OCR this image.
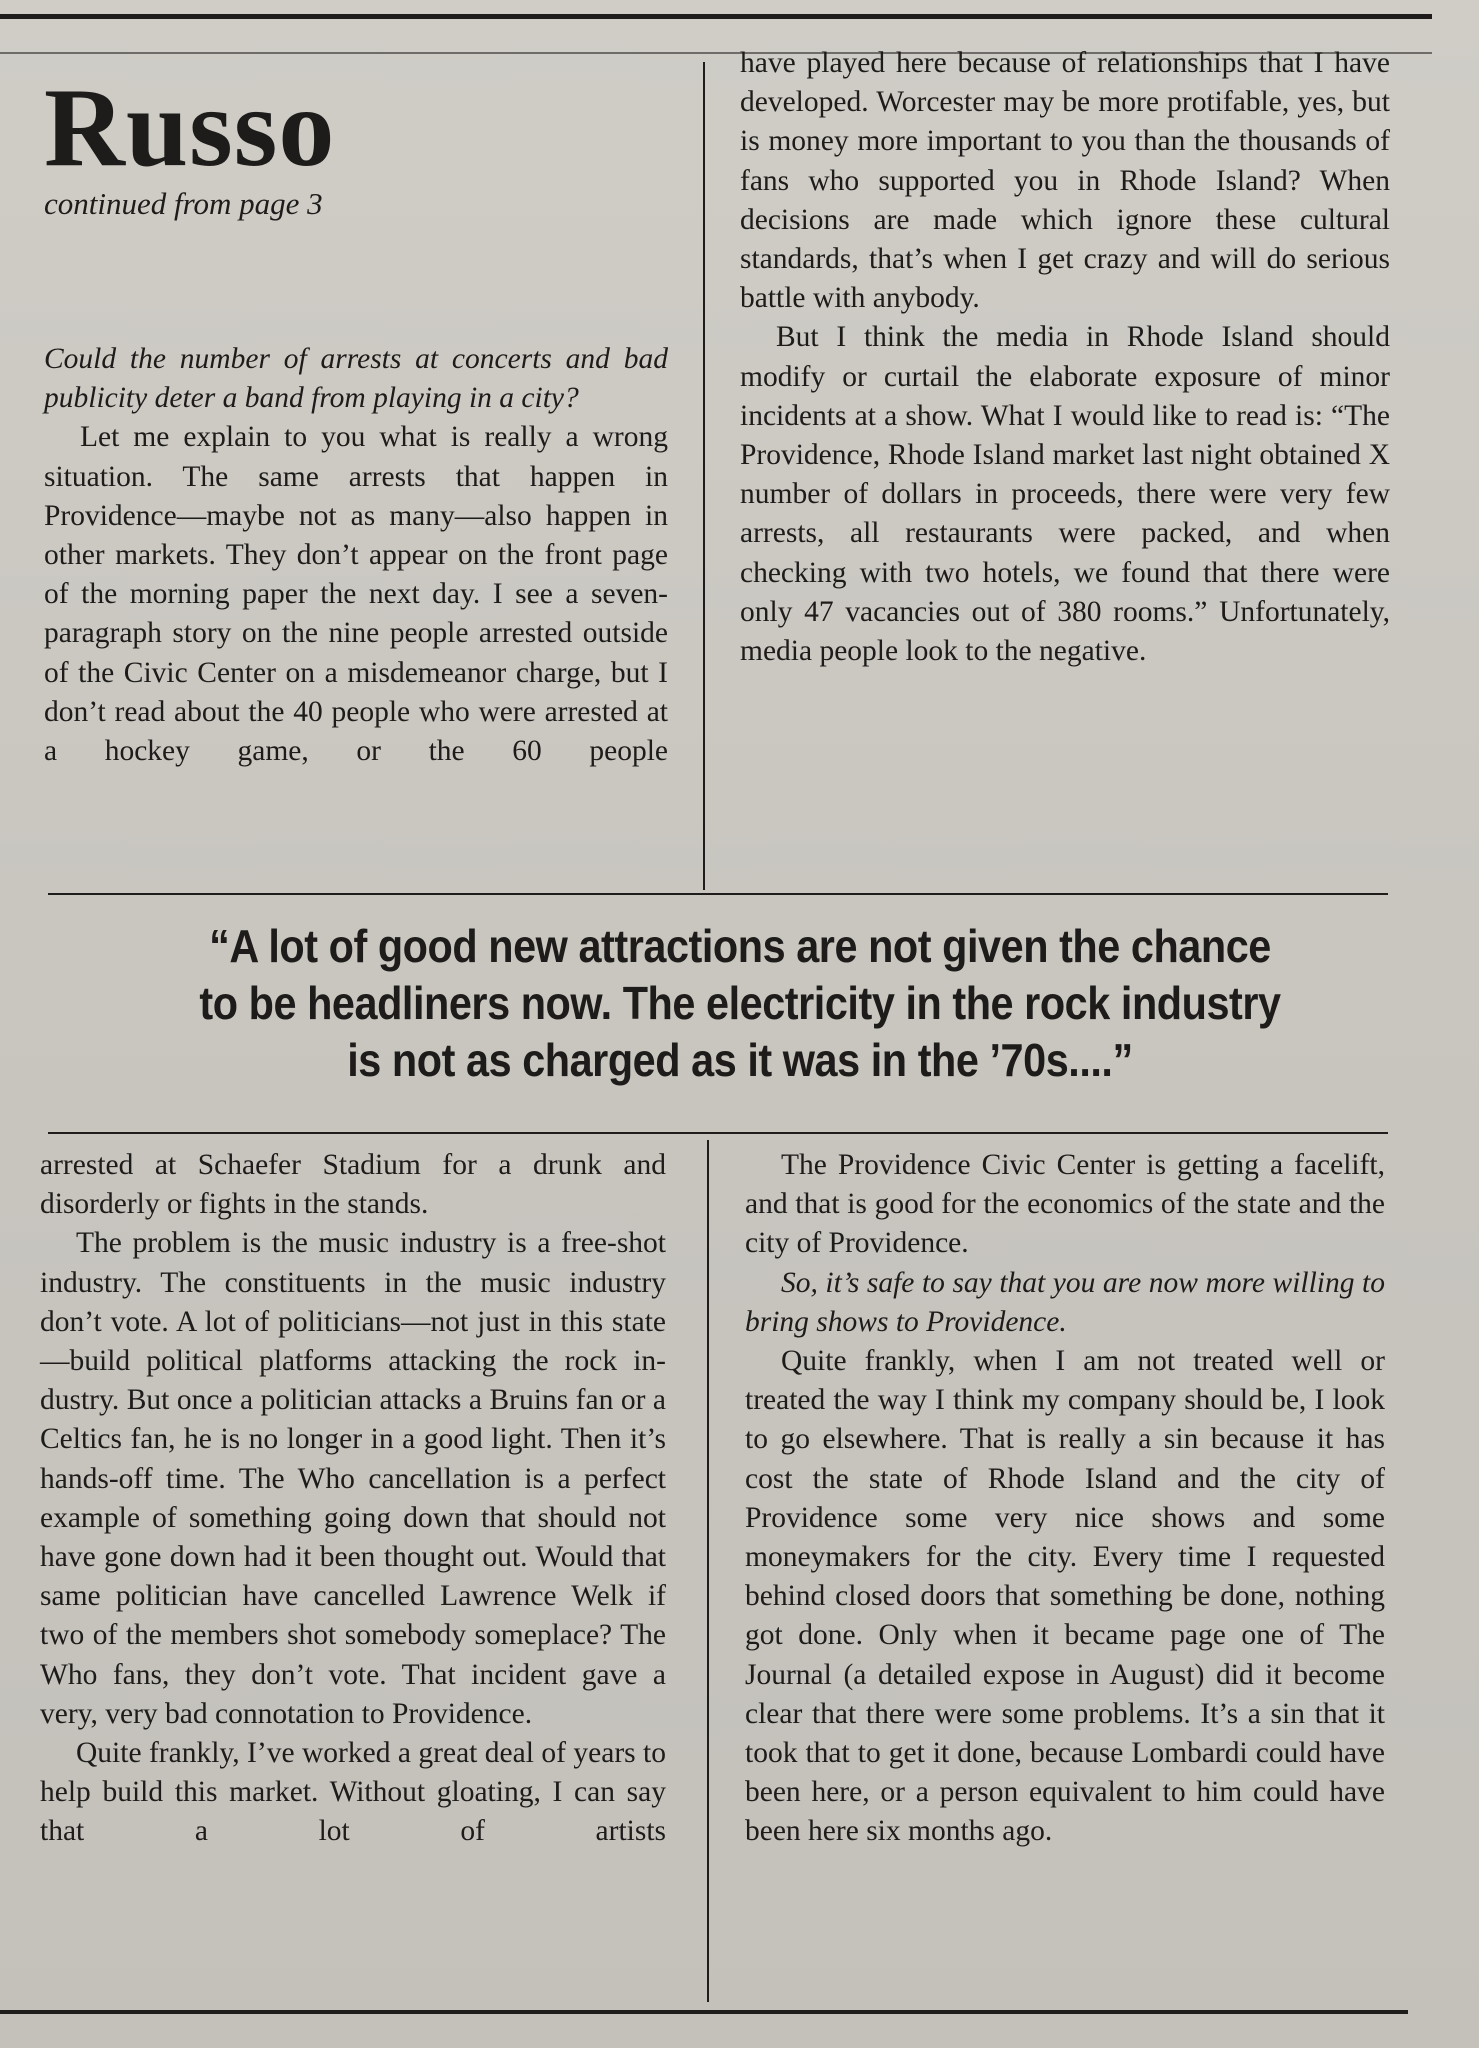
Russo
continued from page 3

Could the number of arrests at concerts and bad publicity deter a band from playing in a city?

Let me explain to you what is really a wrong situation. The same arrests that happen in Providence—maybe not as many—also happen in other markets. They don’t appear on the front page of the morning paper the next day. I see a seven-paragraph story on the nine people arrested outside of the Civic Center on a misdemeanor charge, but I don’t read about the 40 people who were arrested at a hockey game, or the 60 people

have played here because of relationships that I have developed. Worcester may be more protifable, yes, but is money more important to you than the thousands of fans who supported you in Rhode Island? When decisions are made which ignore these cultural standards, that’s when I get crazy and will do serious battle with anybody.

But I think the media in Rhode Island should modify or curtail the elaborate exposure of minor incidents at a show. What I would like to read is: “The Providence, Rhode Island market last night obtained X number of dollars in proceeds, there were very few arrests, all restaurants were packed, and when checking with two hotels, we found that there were only 47 vacancies out of 380 rooms.” Unfortunately, media people look to the negative.

“A lot of good new attractions are not given the chance
to be headliners now. The electricity in the rock industry
is not as charged as it was in the ’70s....”

arrested at Schaefer Stadium for a drunk and disorderly or fights in the stands.

The problem is the music industry is a free-shot industry. The constituents in the music industry don’t vote. A lot of politicians—not just in this state—build political platforms attacking the rock industry. But once a politician attacks a Bruins fan or a Celtics fan, he is no longer in a good light. Then it’s hands-off time. The Who cancellation is a perfect example of something going down that should not have gone down had it been thought out. Would that same politician have cancelled Lawrence Welk if two of the members shot somebody someplace? The Who fans, they don’t vote. That incident gave a very, very bad connotation to Providence.

Quite frankly, I’ve worked a great deal of years to help build this market. Without gloating, I can say that a lot of artists

The Providence Civic Center is getting a facelift, and that is good for the economics of the state and the city of Providence.

So, it’s safe to say that you are now more willing to bring shows to Providence.

Quite frankly, when I am not treated well or treated the way I think my company should be, I look to go elsewhere. That is really a sin because it has cost the state of Rhode Island and the city of Providence some very nice shows and some moneymakers for the city. Every time I requested behind closed doors that something be done, nothing got done. Only when it became page one of The Journal (a detailed expose in August) did it become clear that there were some problems. It’s a sin that it took that to get it done, because Lombardi could have been here, or a person equivalent to him could have been here six months ago.
